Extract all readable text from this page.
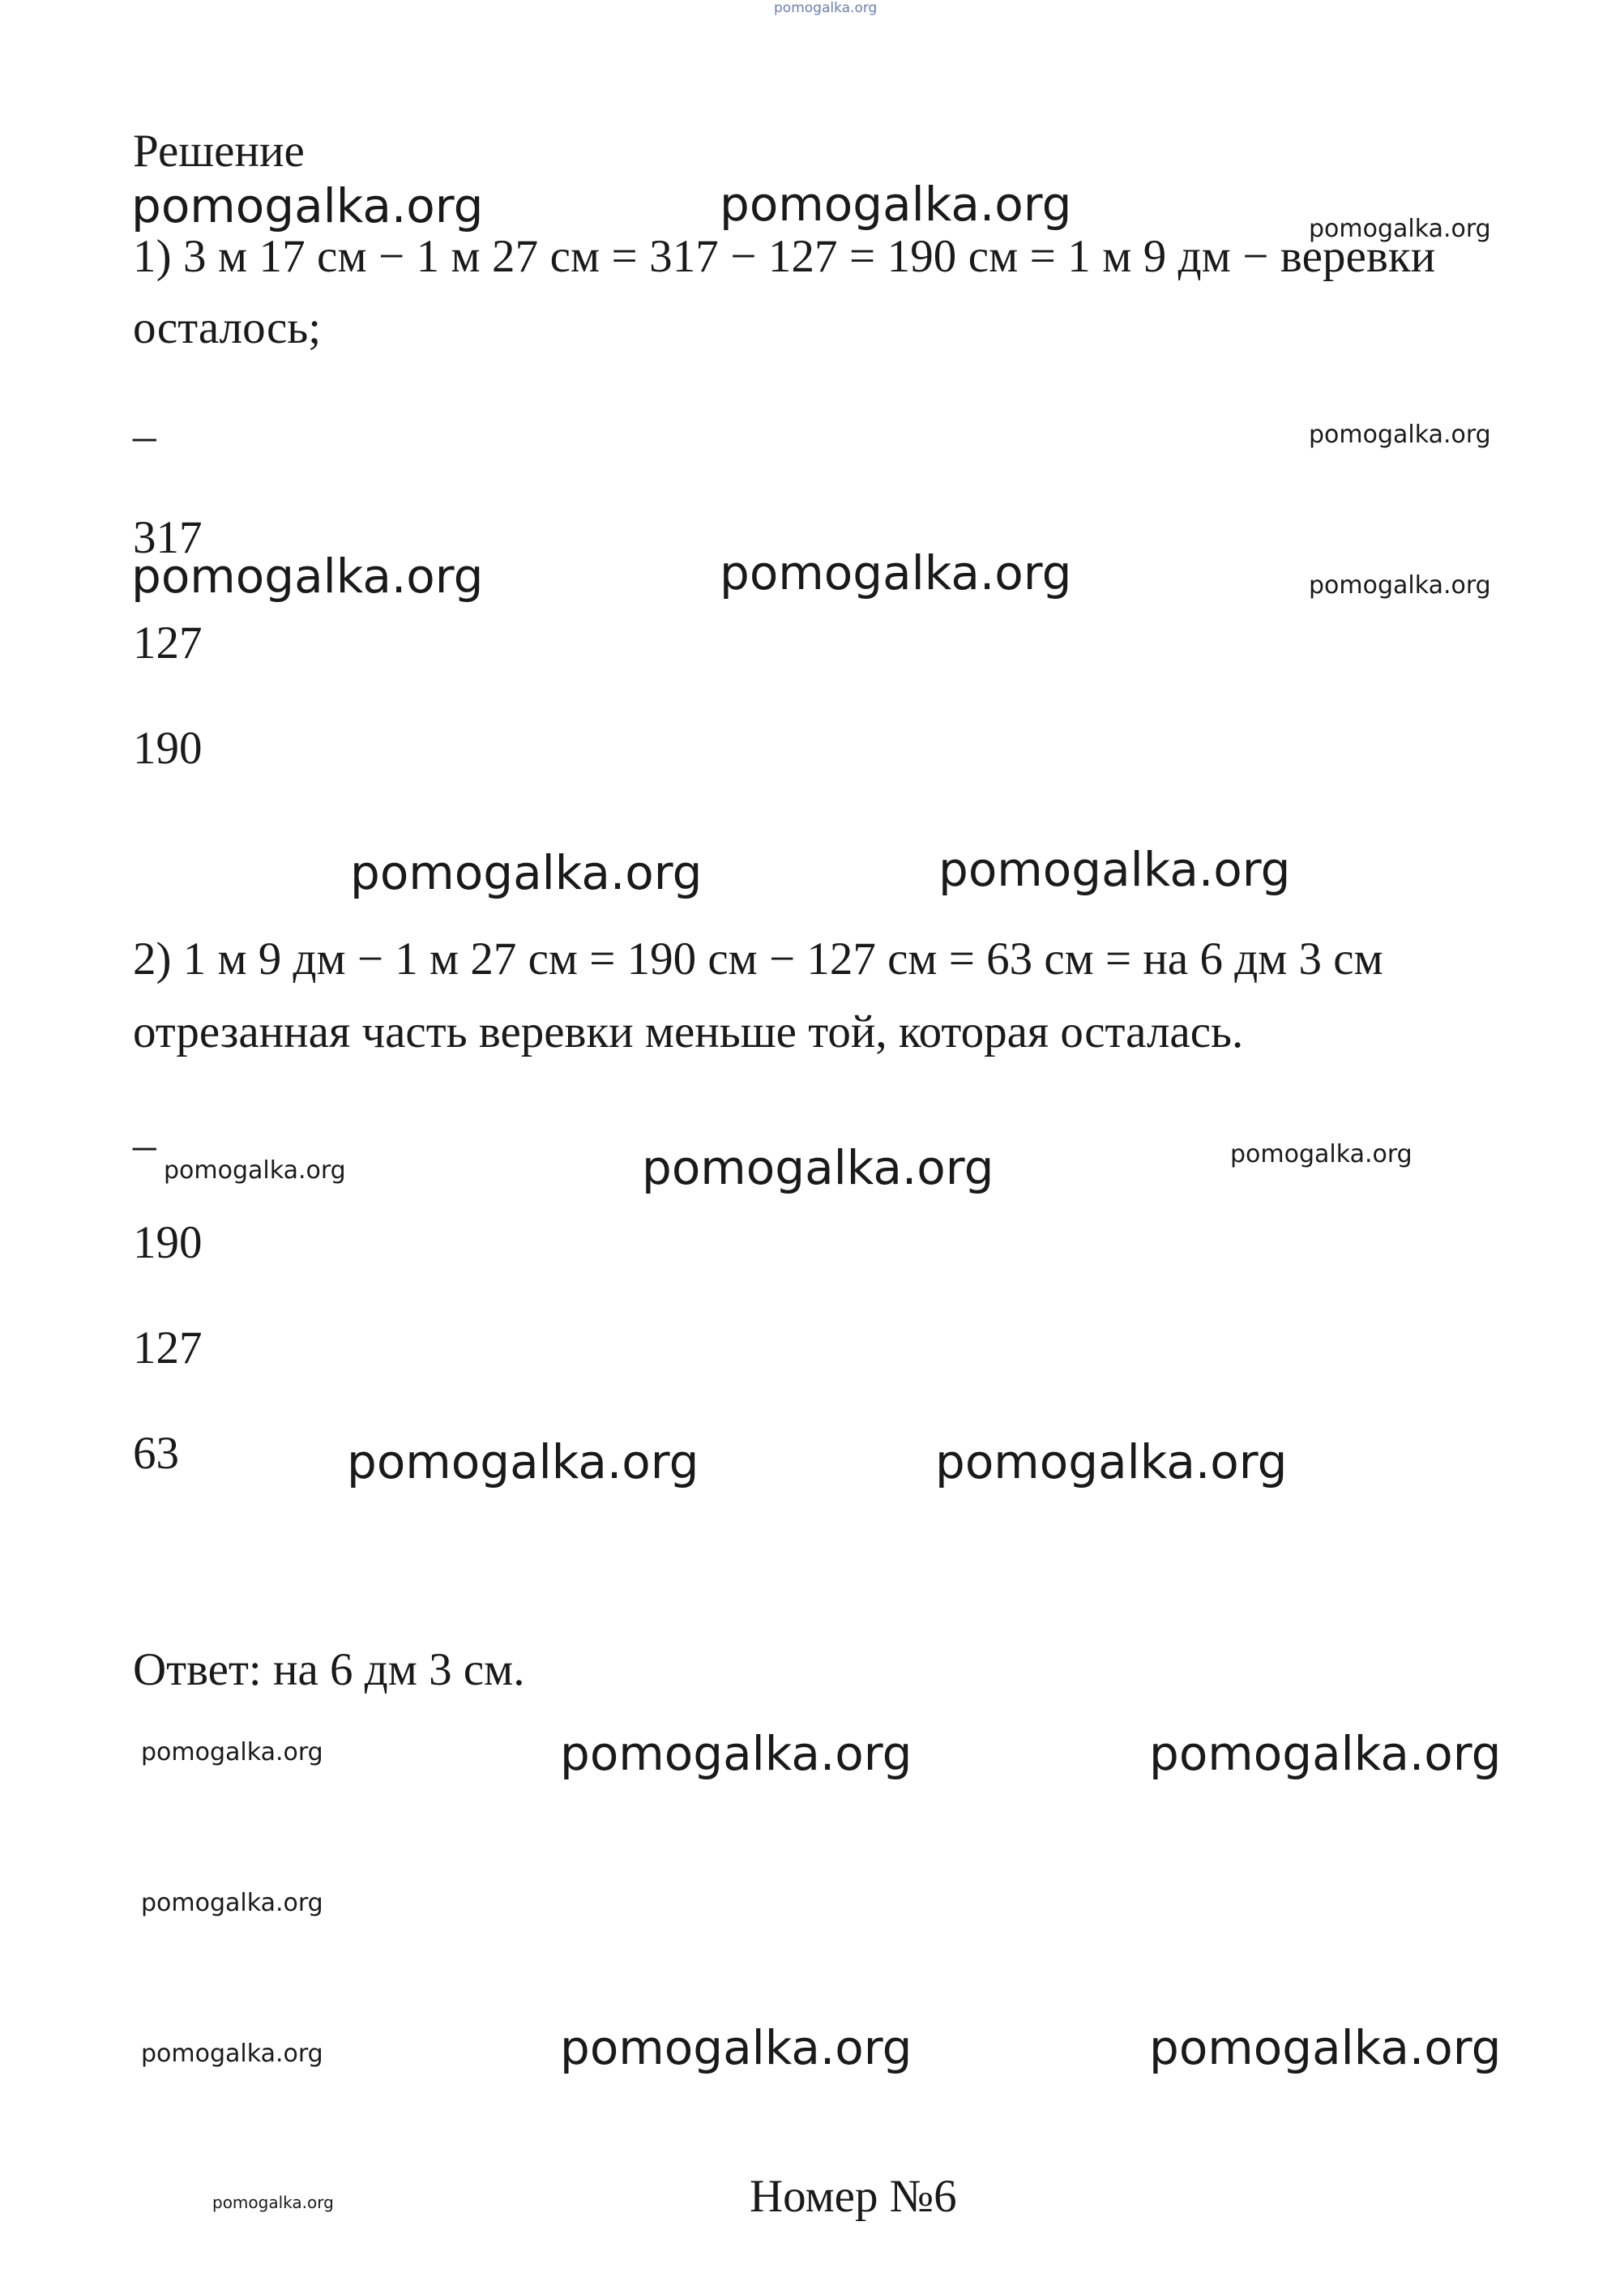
pomogalka.org
Решение
1) 3 м 17 см − 1 м 27 см = 317 − 127 = 190 см = 1 м 9 дм − веревки
осталось;
_
317
127
190
2) 1 м 9 дм − 1 м 27 см = 190 см − 127 см = 63 см = на 6 дм 3 см
отрезанная часть веревки меньше той, которая осталась.
_
190
127
63
Ответ: на 6 дм 3 см.
Номер №6
pomogalka.org	pomogalka.org	pomogalka.org
pomogalka.org
pomogalka.org	pomogalka.org	pomogalka.org
pomogalka.org	pomogalka.org
pomogalka.org	pomogalka.org	pomogalka.org
pomogalka.org	pomogalka.org
pomogalka.org	pomogalka.org	pomogalka.org
pomogalka.org
pomogalka.org	pomogalka.org	pomogalka.org
pomogalka.org
